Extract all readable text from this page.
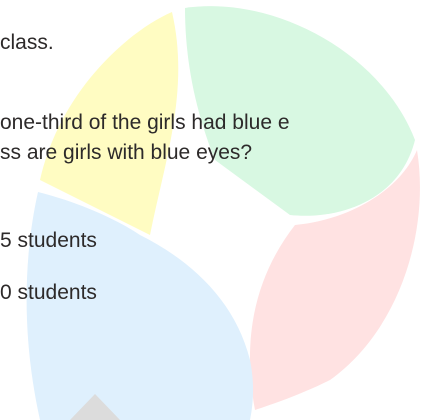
class.

one-third of the girls had blue e

ss are girls with blue eyes?

5 students

0 students
